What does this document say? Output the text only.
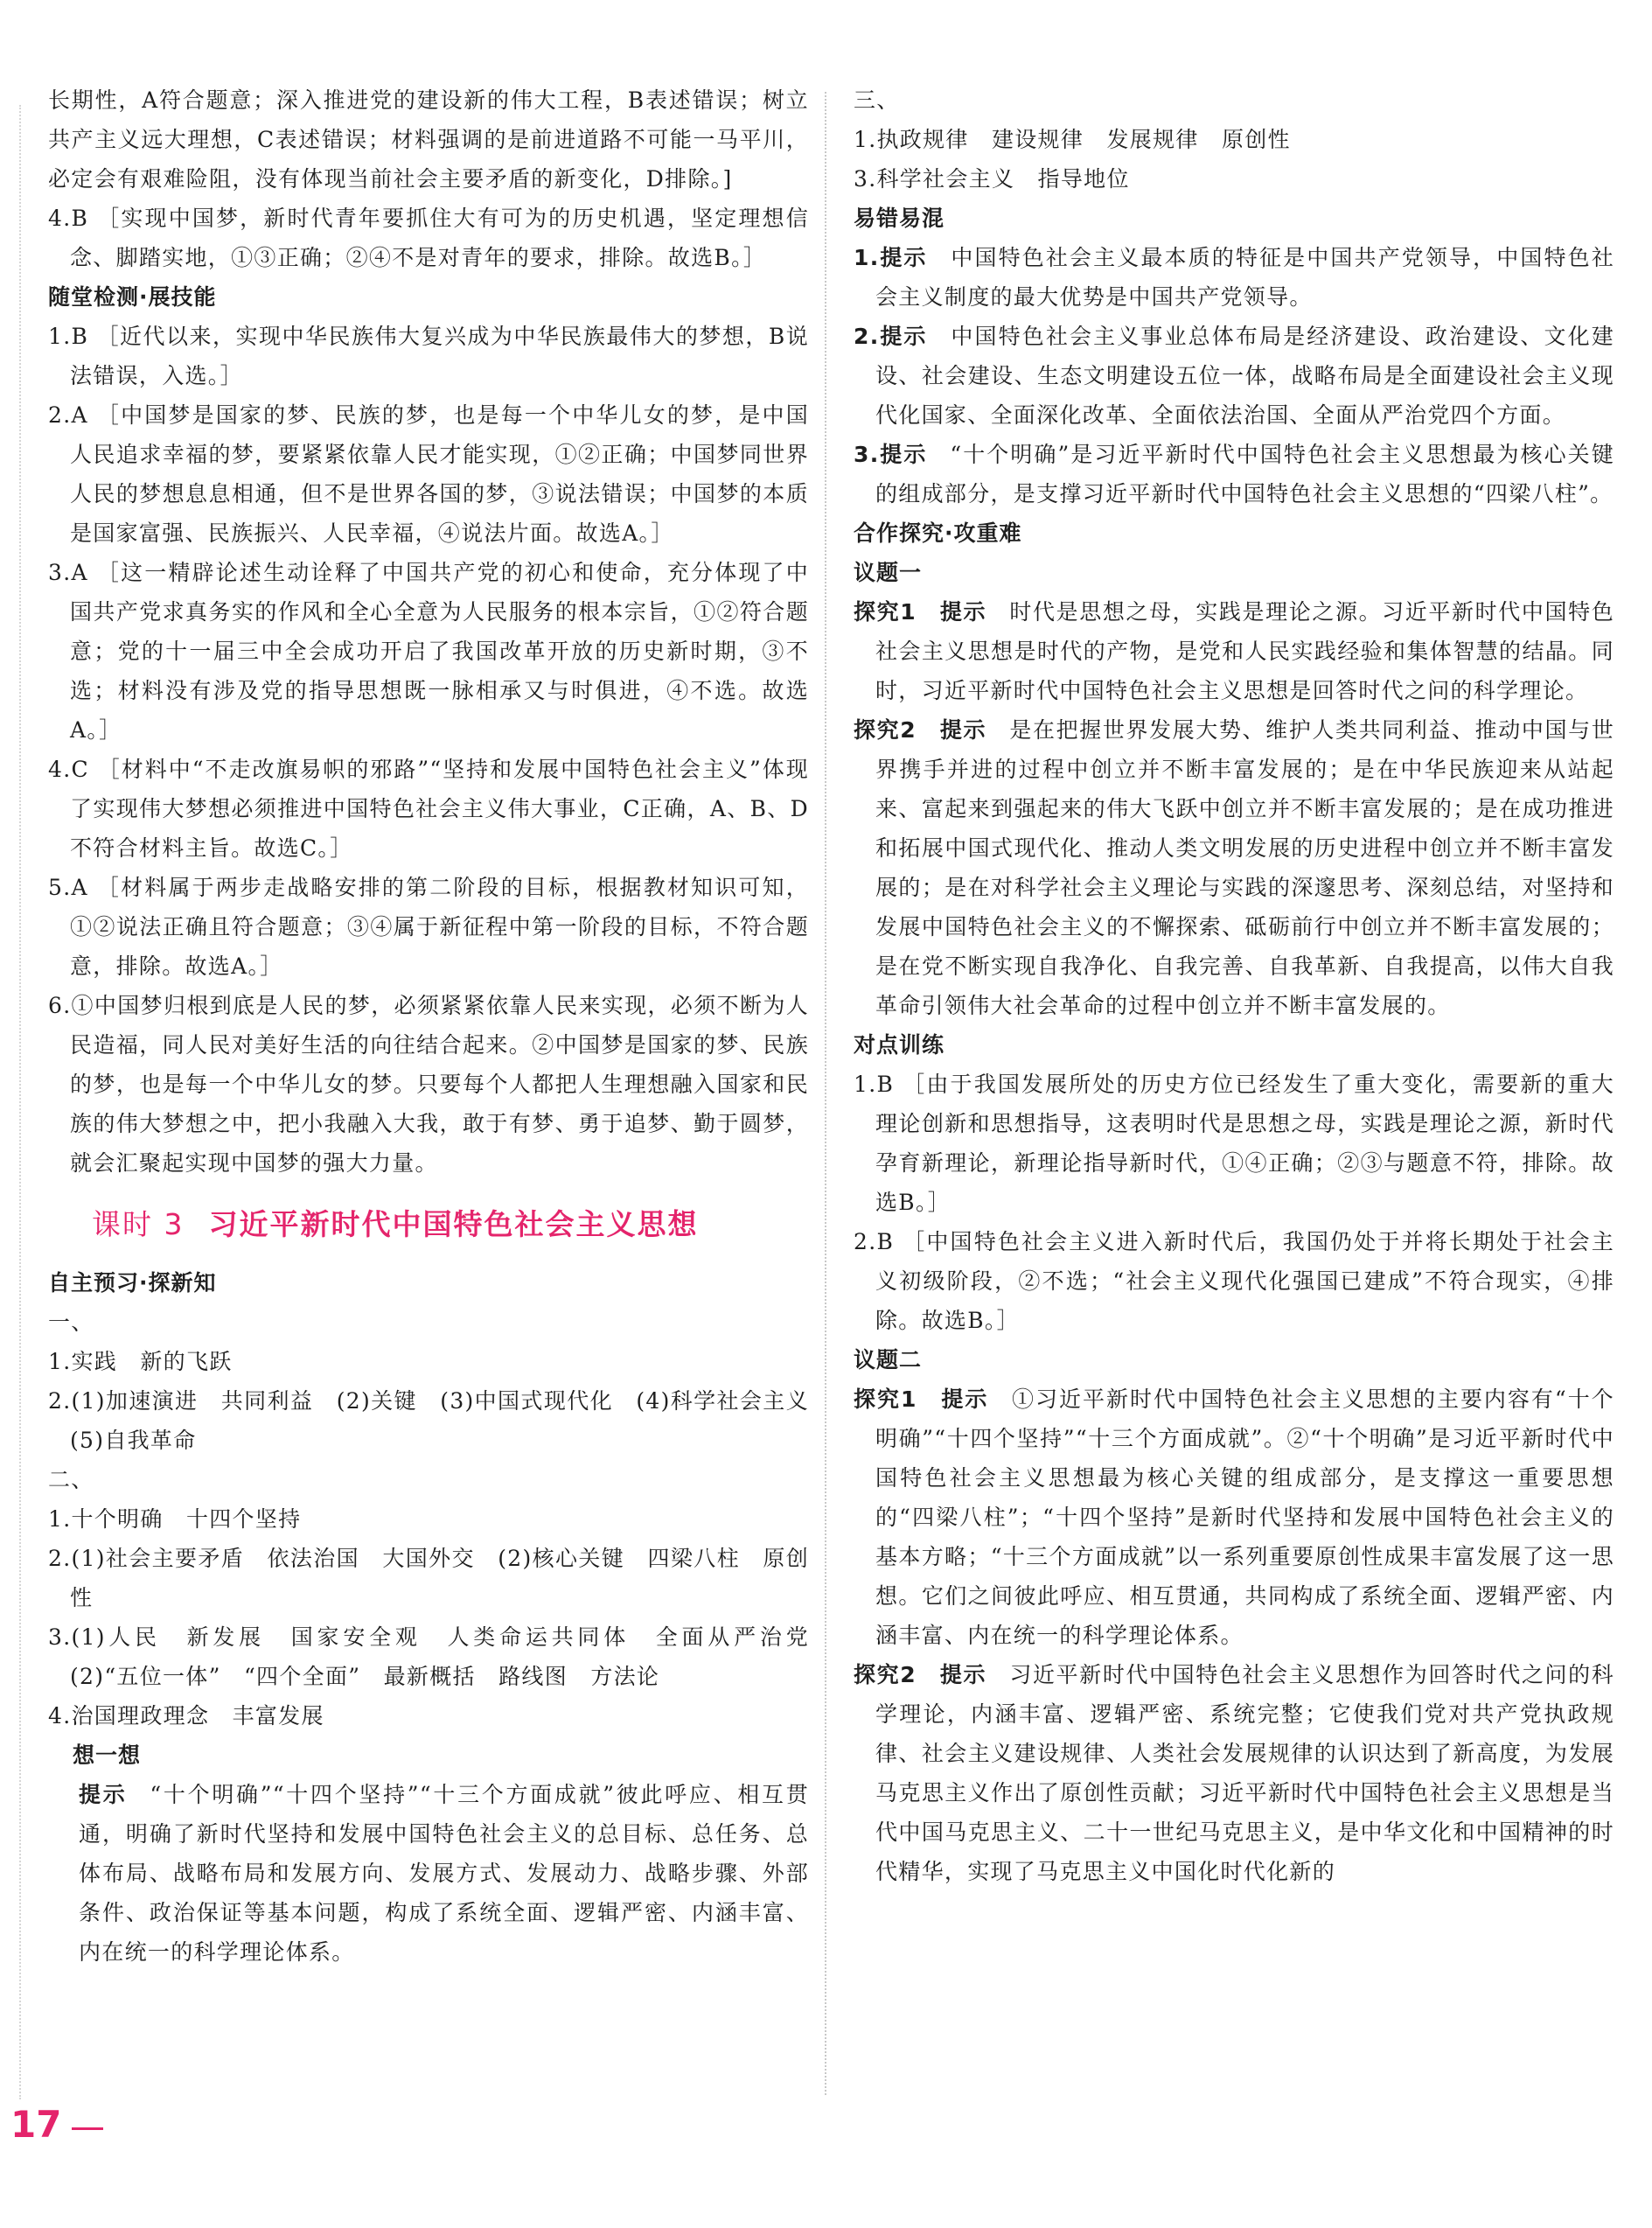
长期性，A符合题意；深入推进党的建设新的伟大工程，B表述错误；树立共产主义远大理想，C表述错误；材料强调的是前进道路不可能一马平川，必定会有艰难险阻，没有体现当前社会主要矛盾的新变化，D排除。]

4.B ［实现中国梦，新时代青年要抓住大有可为的历史机遇，坚定理想信念、脚踏实地，①③正确；②④不是对青年的要求，排除。故选B。］

随堂检测·展技能

1.B ［近代以来，实现中华民族伟大复兴成为中华民族最伟大的梦想，B说法错误，入选。］

2.A ［中国梦是国家的梦、民族的梦，也是每一个中华儿女的梦，是中国人民追求幸福的梦，要紧紧依靠人民才能实现，①②正确；中国梦同世界人民的梦想息息相通，但不是世界各国的梦，③说法错误；中国梦的本质是国家富强、民族振兴、人民幸福，④说法片面。故选A。］

3.A ［这一精辟论述生动诠释了中国共产党的初心和使命，充分体现了中国共产党求真务实的作风和全心全意为人民服务的根本宗旨，①②符合题意；党的十一届三中全会成功开启了我国改革开放的历史新时期，③不选；材料没有涉及党的指导思想既一脉相承又与时俱进，④不选。故选A。］

4.C ［材料中“不走改旗易帜的邪路”“坚持和发展中国特色社会主义”体现了实现伟大梦想必须推进中国特色社会主义伟大事业，C正确，A、B、D不符合材料主旨。故选C。］

5.A ［材料属于两步走战略安排的第二阶段的目标，根据教材知识可知，①②说法正确且符合题意；③④属于新征程中第一阶段的目标，不符合题意，排除。故选A。］

6.①中国梦归根到底是人民的梦，必须紧紧依靠人民来实现，必须不断为人民造福，同人民对美好生活的向往结合起来。②中国梦是国家的梦、民族的梦，也是每一个中华儿女的梦。只要每个人都把人生理想融入国家和民族的伟大梦想之中，把小我融入大我，敢于有梦、勇于追梦、勤于圆梦，就会汇聚起实现中国梦的强大力量。

课时 3 习近平新时代中国特色社会主义思想
自主预习·探新知

一、

1.实践　新的飞跃

2.(1)加速演进　共同利益　(2)关键　(3)中国式现代化　(4)科学社会主义　(5)自我革命

二、

1.十个明确　十四个坚持

2.(1)社会主要矛盾　依法治国　大国外交　(2)核心关键　四梁八柱　原创性

3.(1)人民　新发展　国家安全观　人类命运共同体　全面从严治党　(2)“五位一体”　“四个全面”　最新概括　路线图　方法论

4.治国理政理念　丰富发展

想一想

提示 “十个明确”“十四个坚持”“十三个方面成就”彼此呼应、相互贯通，明确了新时代坚持和发展中国特色社会主义的总目标、总任务、总体布局、战略布局和发展方向、发展方式、发展动力、战略步骤、外部条件、政治保证等基本问题，构成了系统全面、逻辑严密、内涵丰富、内在统一的科学理论体系。

三、

1.执政规律　建设规律　发展规律　原创性

3.科学社会主义　指导地位

易错易混

1.提示 中国特色社会主义最本质的特征是中国共产党领导，中国特色社会主义制度的最大优势是中国共产党领导。

2.提示 中国特色社会主义事业总体布局是经济建设、政治建设、文化建设、社会建设、生态文明建设五位一体，战略布局是全面建设社会主义现代化国家、全面深化改革、全面依法治国、全面从严治党四个方面。

3.提示 “十个明确”是习近平新时代中国特色社会主义思想最为核心关键的组成部分，是支撑习近平新时代中国特色社会主义思想的“四梁八柱”。

合作探究·攻重难
议题一

探究1　提示 时代是思想之母，实践是理论之源。习近平新时代中国特色社会主义思想是时代的产物，是党和人民实践经验和集体智慧的结晶。同时，习近平新时代中国特色社会主义思想是回答时代之问的科学理论。

探究2　提示 是在把握世界发展大势、维护人类共同利益、推动中国与世界携手并进的过程中创立并不断丰富发展的；是在中华民族迎来从站起来、富起来到强起来的伟大飞跃中创立并不断丰富发展的；是在成功推进和拓展中国式现代化、推动人类文明发展的历史进程中创立并不断丰富发展的；是在对科学社会主义理论与实践的深邃思考、深刻总结，对坚持和发展中国特色社会主义的不懈探索、砥砺前行中创立并不断丰富发展的；是在党不断实现自我净化、自我完善、自我革新、自我提高，以伟大自我革命引领伟大社会革命的过程中创立并不断丰富发展的。

对点训练

1.B ［由于我国发展所处的历史方位已经发生了重大变化，需要新的重大理论创新和思想指导，这表明时代是思想之母，实践是理论之源，新时代孕育新理论，新理论指导新时代，①④正确；②③与题意不符，排除。故选B。］

2.B ［中国特色社会主义进入新时代后，我国仍处于并将长期处于社会主义初级阶段，②不选；“社会主义现代化强国已建成”不符合现实，④排除。故选B。］

议题二

探究1　提示 ①习近平新时代中国特色社会主义思想的主要内容有“十个明确”“十四个坚持”“十三个方面成就”。②“十个明确”是习近平新时代中国特色社会主义思想最为核心关键的组成部分，是支撑这一重要思想的“四梁八柱”；“十四个坚持”是新时代坚持和发展中国特色社会主义的基本方略；“十三个方面成就”以一系列重要原创性成果丰富发展了这一思想。它们之间彼此呼应、相互贯通，共同构成了系统全面、逻辑严密、内涵丰富、内在统一的科学理论体系。

探究2　提示 习近平新时代中国特色社会主义思想作为回答时代之问的科学理论，内涵丰富、逻辑严密、系统完整；它使我们党对共产党执政规律、社会主义建设规律、人类社会发展规律的认识达到了新高度，为发展马克思主义作出了原创性贡献；习近平新时代中国特色社会主义思想是当代中国马克思主义、二十一世纪马克思主义，是中华文化和中国精神的时代精华，实现了马克思主义中国化时代化新的

17
